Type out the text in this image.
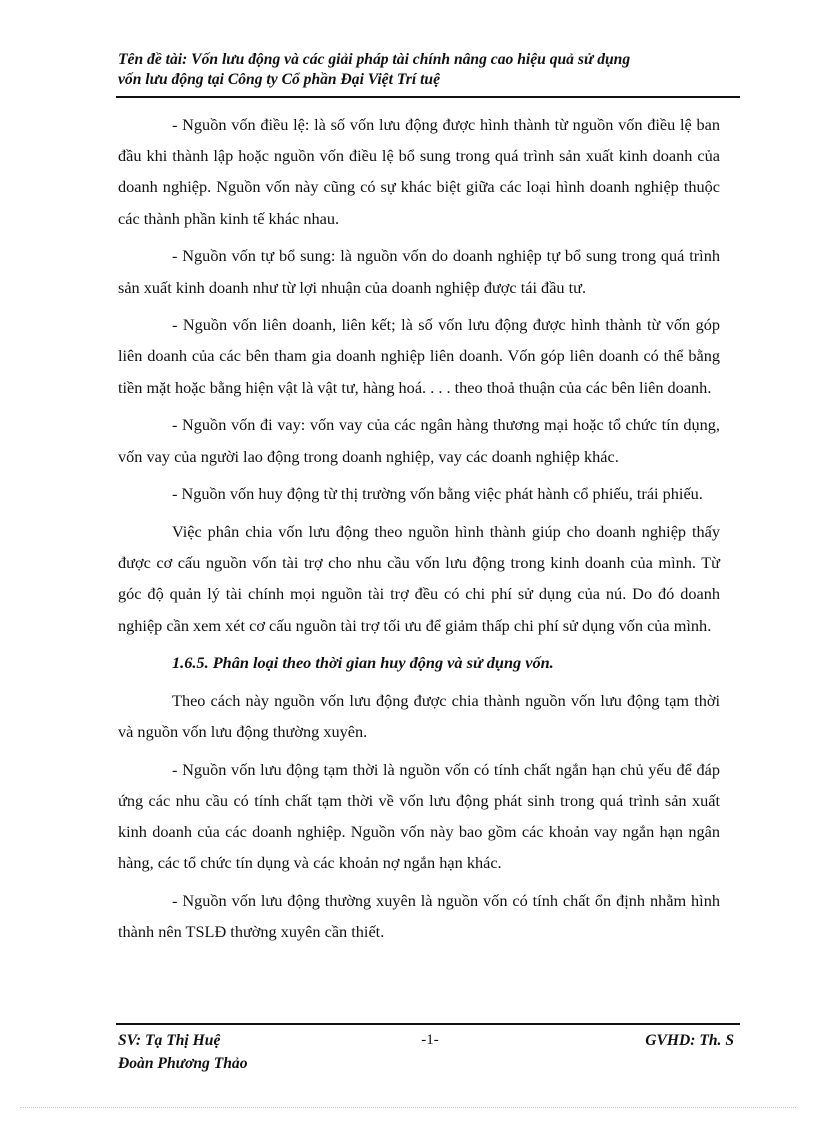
Tên đề tài: Vốn lưu động và các giải pháp tài chính nâng cao hiệu quả sử dụng
vốn lưu động tại Công ty Cổ phần Đại Việt Trí tuệ

- Nguồn vốn điều lệ: là số vốn lưu động được hình thành từ nguồn vốn điều lệ ban đầu khi thành lập hoặc nguồn vốn điều lệ bổ sung trong quá trình sản xuất kinh doanh của doanh nghiệp. Nguồn vốn này cũng có sự khác biệt giữa các loại hình doanh nghiệp thuộc các thành phần kinh tế khác nhau.

- Nguồn vốn tự bổ sung: là nguồn vốn do doanh nghiệp tự bổ sung trong quá trình sản xuất kinh doanh như từ lợi nhuận của doanh nghiệp được tái đầu tư.

- Nguồn vốn liên doanh, liên kết; là số vốn lưu động được hình thành từ vốn góp liên doanh của các bên tham gia doanh nghiệp liên doanh. Vốn góp liên doanh có thể bằng tiền mặt hoặc bằng hiện vật là vật tư, hàng hoá. . . . theo thoả thuận của các bên liên doanh.

- Nguồn vốn đi vay: vốn vay của các ngân hàng thương mại hoặc tổ chức tín dụng, vốn vay của người lao động trong doanh nghiệp, vay các doanh nghiệp khác.

- Nguồn vốn huy động từ thị trường vốn bằng việc phát hành cổ phiếu, trái phiếu.

Việc phân chia vốn lưu động theo nguồn hình thành giúp cho doanh nghiệp thấy được cơ cấu nguồn vốn tài trợ cho nhu cầu vốn lưu động trong kinh doanh của mình. Từ góc độ quản lý tài chính mọi nguồn tài trợ đều có chi phí sử dụng của nú. Do đó doanh nghiệp cần xem xét cơ cấu nguồn tài trợ tối ưu để giảm thấp chi phí sử dụng vốn của mình.

1.6.5. Phân loại theo thời gian huy động và sử dụng vốn.

Theo cách này nguồn vốn lưu động được chia thành nguồn vốn lưu động tạm thời và nguồn vốn lưu động thường xuyên.

- Nguồn vốn lưu động tạm thời là nguồn vốn có tính chất ngắn hạn chủ yếu để đáp ứng các nhu cầu có tính chất tạm thời về vốn lưu động phát sinh trong quá trình sản xuất kinh doanh của các doanh nghiệp. Nguồn vốn này bao gồm các khoản vay ngắn hạn ngân hàng, các tổ chức tín dụng và các khoản nợ ngắn hạn khác.

- Nguồn vốn lưu động thường xuyên là nguồn vốn có tính chất ổn định nhằm hình thành nên TSLĐ thường xuyên cần thiết.

SV: Tạ Thị Huệ
Đoàn Phương Thảo
-1-	GVHD: Th. S
